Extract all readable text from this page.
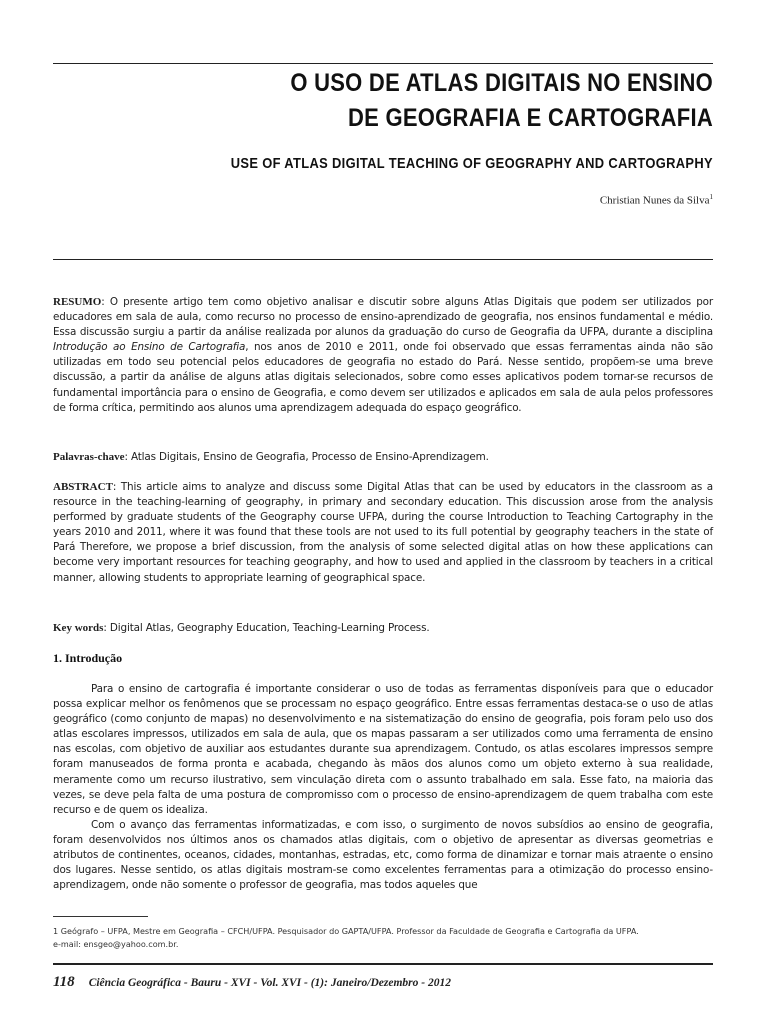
O USO DE ATLAS DIGITAIS NO ENSINO
DE GEOGRAFIA E CARTOGRAFIA
USE OF ATLAS DIGITAL TEACHING OF GEOGRAPHY AND CARTOGRAPHY
Christian Nunes da Silva$^1$
RESUMO: O presente artigo tem como objetivo analisar e discutir sobre alguns Atlas Digitais que podem ser utilizados por educadores em sala de aula, como recurso no processo de ensino-aprendizado de geografia, nos ensinos fundamental e médio. Essa discussão surgiu a partir da análise realizada por alunos da graduação do curso de Geografia da UFPA, durante a disciplina Introdução ao Ensino de Cartografia, nos anos de 2010 e 2011, onde foi observado que essas ferramentas ainda não são utilizadas em todo seu potencial pelos educadores de geografia no estado do Pará. Nesse sentido, propõem-se uma breve discussão, a partir da análise de alguns atlas digitais selecionados, sobre como esses aplicativos podem tornar-se recursos de fundamental importância para o ensino de Geografia, e como devem ser utilizados e aplicados em sala de aula pelos professores de forma crítica, permitindo aos alunos uma aprendizagem adequada do espaço geográfico.
Palavras-chave: Atlas Digitais, Ensino de Geografia, Processo de Ensino-Aprendizagem.
ABSTRACT: This article aims to analyze and discuss some Digital Atlas that can be used by educators in the classroom as a resource in the teaching-learning of geography, in primary and secondary education. This discussion arose from the analysis performed by graduate students of the Geography course UFPA, during the course Introduction to Teaching Cartography in the years 2010 and 2011, where it was found that these tools are not used to its full potential by geography teachers in the state of Pará Therefore, we propose a brief discussion, from the analysis of some selected digital atlas on how these applications can become very important resources for teaching geography, and how to used and applied in the classroom by teachers in a critical manner, allowing students to appropriate learning of geographical space.
Key words: Digital Atlas, Geography Education, Teaching-Learning Process.
1. Introdução

Para o ensino de cartografia é importante considerar o uso de todas as ferramentas disponíveis para que o educador possa explicar melhor os fenômenos que se processam no espaço geográfico. Entre essas ferramentas destaca-se o uso de atlas geográfico (como conjunto de mapas) no desenvolvimento e na sistematização do ensino de geografia, pois foram pelo uso dos atlas escolares impressos, utilizados em sala de aula, que os mapas passaram a ser utilizados como uma ferramenta de ensino nas escolas, com objetivo de auxiliar aos estudantes durante sua aprendizagem. Contudo, os atlas escolares impressos sempre foram manuseados de forma pronta e acabada, chegando às mãos dos alunos como um objeto externo à sua realidade, meramente como um recurso ilustrativo, sem vinculação direta com o assunto trabalhado em sala. Esse fato, na maioria das vezes, se deve pela falta de uma postura de compromisso com o processo de ensino-aprendizagem de quem trabalha com este recurso e de quem os idealiza.

Com o avanço das ferramentas informatizadas, e com isso, o surgimento de novos subsídios ao ensino de geografia, foram desenvolvidos nos últimos anos os chamados atlas digitais, com o objetivo de apresentar as diversas geometrias e atributos de continentes, oceanos, cidades, montanhas, estradas, etc, como forma de dinamizar e tornar mais atraente o ensino dos lugares. Nesse sentido, os atlas digitais mostram-se como excelentes ferramentas para a otimização do processo ensino-aprendizagem, onde não somente o professor de geografia, mas todos aqueles que

1 Geógrafo – UFPA, Mestre em Geografia – CFCH/UFPA. Pesquisador do GAPTA/UFPA. Professor da Faculdade de Geografia e Cartografia da UFPA.
e-mail: ensgeo@yahoo.com.br.
118 Ciência Geográfica - Bauru - XVI - Vol. XVI - (1): Janeiro/Dezembro - 2012
